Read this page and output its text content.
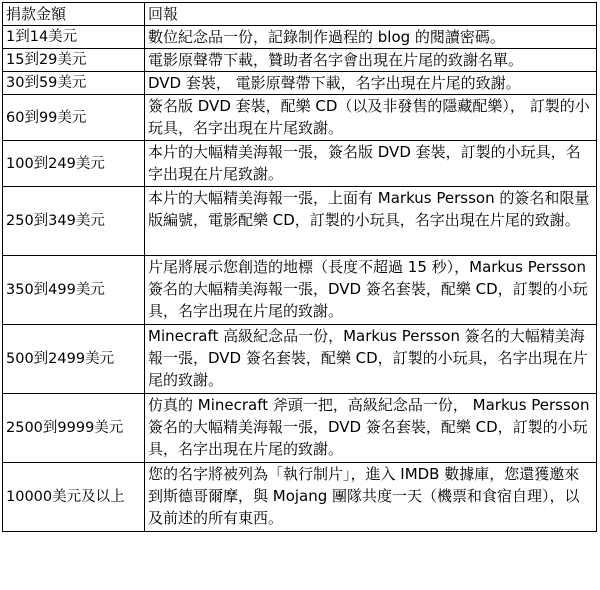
捐款金額	回報
1到14美元	數位紀念品一份，記錄制作過程的 blog 的閱讀密碼。
15到29美元	電影原聲帶下載，贊助者名字會出現在片尾的致謝名單。
30到59美元	DVD 套裝， 電影原聲帶下載，名字出現在片尾的致謝。
60到99美元	簽名版 DVD 套裝，配樂 CD（以及非發售的隱藏配樂）， 訂製的小玩具，名字出現在片尾致謝。
100到249美元	本片的大幅精美海報一張，簽名版 DVD 套裝，訂製的小玩具，名字出現在片尾致謝。
250到349美元	本片的大幅精美海報一張，上面有 Markus Persson 的簽名和限量版編號，電影配樂 CD，訂製的小玩具，名字出現在片尾的致謝。
350到499美元	片尾將展示您創造的地標（長度不超過 15 秒），Markus Persson 簽名的大幅精美海報一張，DVD 簽名套裝，配樂 CD，訂製的小玩具，名字出現在片尾的致謝。
500到2499美元	Minecraft 高級紀念品一份，Markus Persson 簽名的大幅精美海報一張，DVD 簽名套裝，配樂 CD，訂製的小玩具，名字出現在片尾的致謝。
2500到9999美元	仿真的 Minecraft 斧頭一把，高級紀念品一份， Markus Persson 簽名的大幅精美海報一張，DVD 簽名套裝，配樂 CD，訂製的小玩具，名字出現在片尾的致謝。
10000美元及以上	您的名字將被列為「執行制片」，進入 IMDB 數據庫，您還獲邀來到斯德哥爾摩，與 Mojang 團隊共度一天（機票和食宿自理），以及前述的所有東西。
